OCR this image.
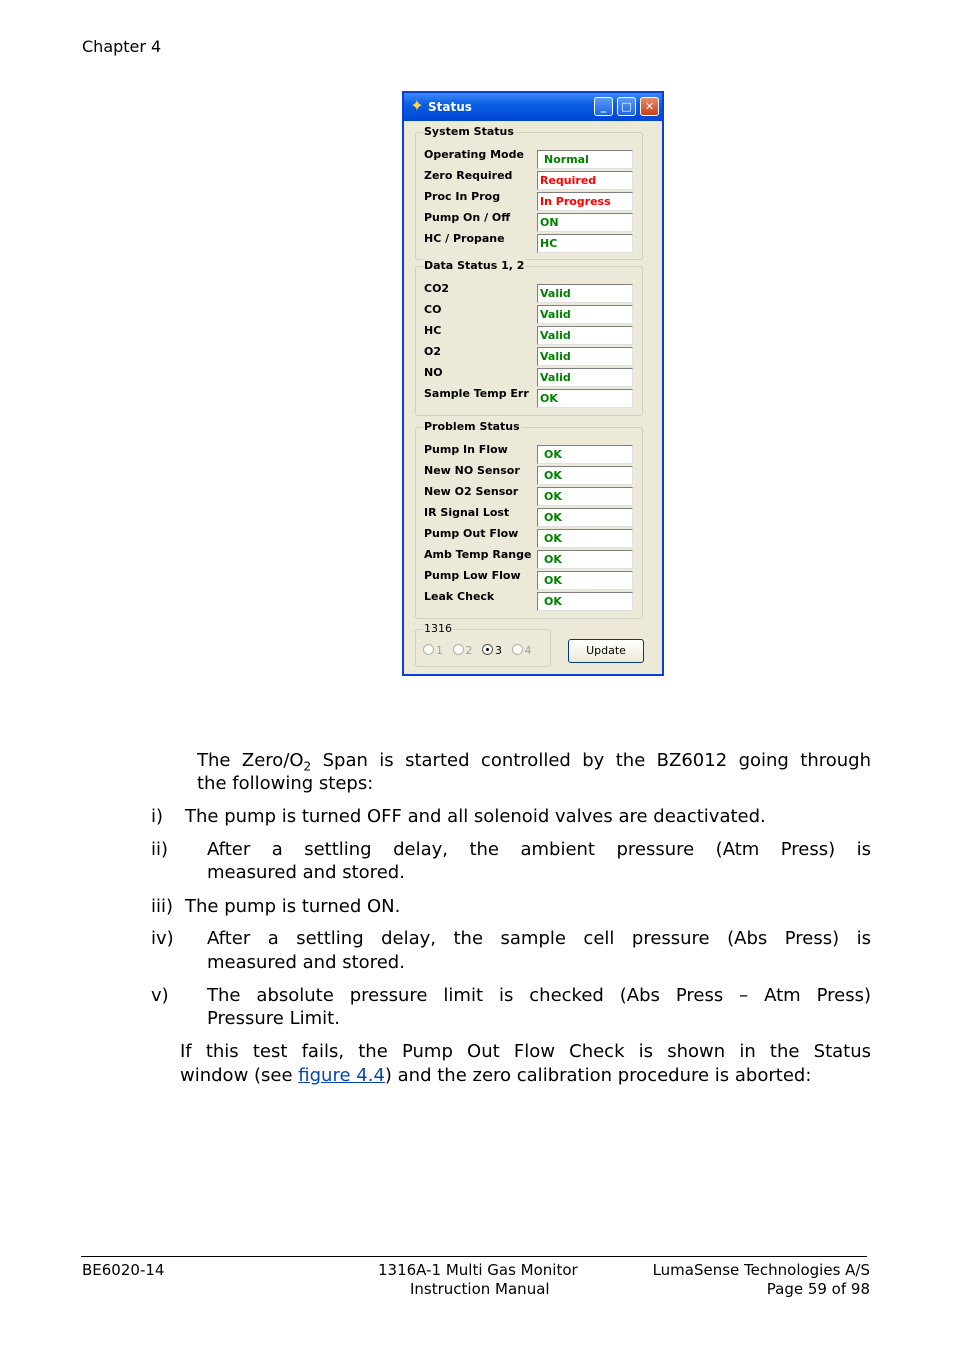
Chapter 4
✦ Status	_	□	✕
System Status
Operating Mode	Normal
Zero Required	Required
Proc In Prog	In Progress
Pump On / Off	ON
HC / Propane	HC
Data Status 1, 2
CO2	Valid
CO	Valid
HC	Valid
O2	Valid
NO	Valid
Sample Temp Err OK
Problem Status
Pump In Flow	OK
New NO Sensor	OK
New O2 Sensor	OK
IR Signal Lost	OK
Pump Out Flow	OK
Amb Temp Range	OK
Pump Low Flow	OK
Leak Check	OK
1316
1 2 3 4	Update
The Zero/$O_2$ Span is started controlled by the BZ6012 going through
the following steps:
i) The pump is turned OFF and all solenoid valves are deactivated.
ii) After a settling delay, the ambient pressure (Atm Press) is
measured and stored.
iii) The pump is turned ON.
iv) After a settling delay, the sample cell pressure (Abs Press) is
measured and stored.
v) The absolute pressure limit is checked (Abs Press – Atm Press)
Pressure Limit.
If this test fails, the Pump Out Flow Check is shown in the Status
window (see figure 4.4) and the zero calibration procedure is aborted:
BE6020-14	1316A-1 Multi Gas Monitor
Instruction Manual
LumaSense Technologies A/S
Page 59 of 98
